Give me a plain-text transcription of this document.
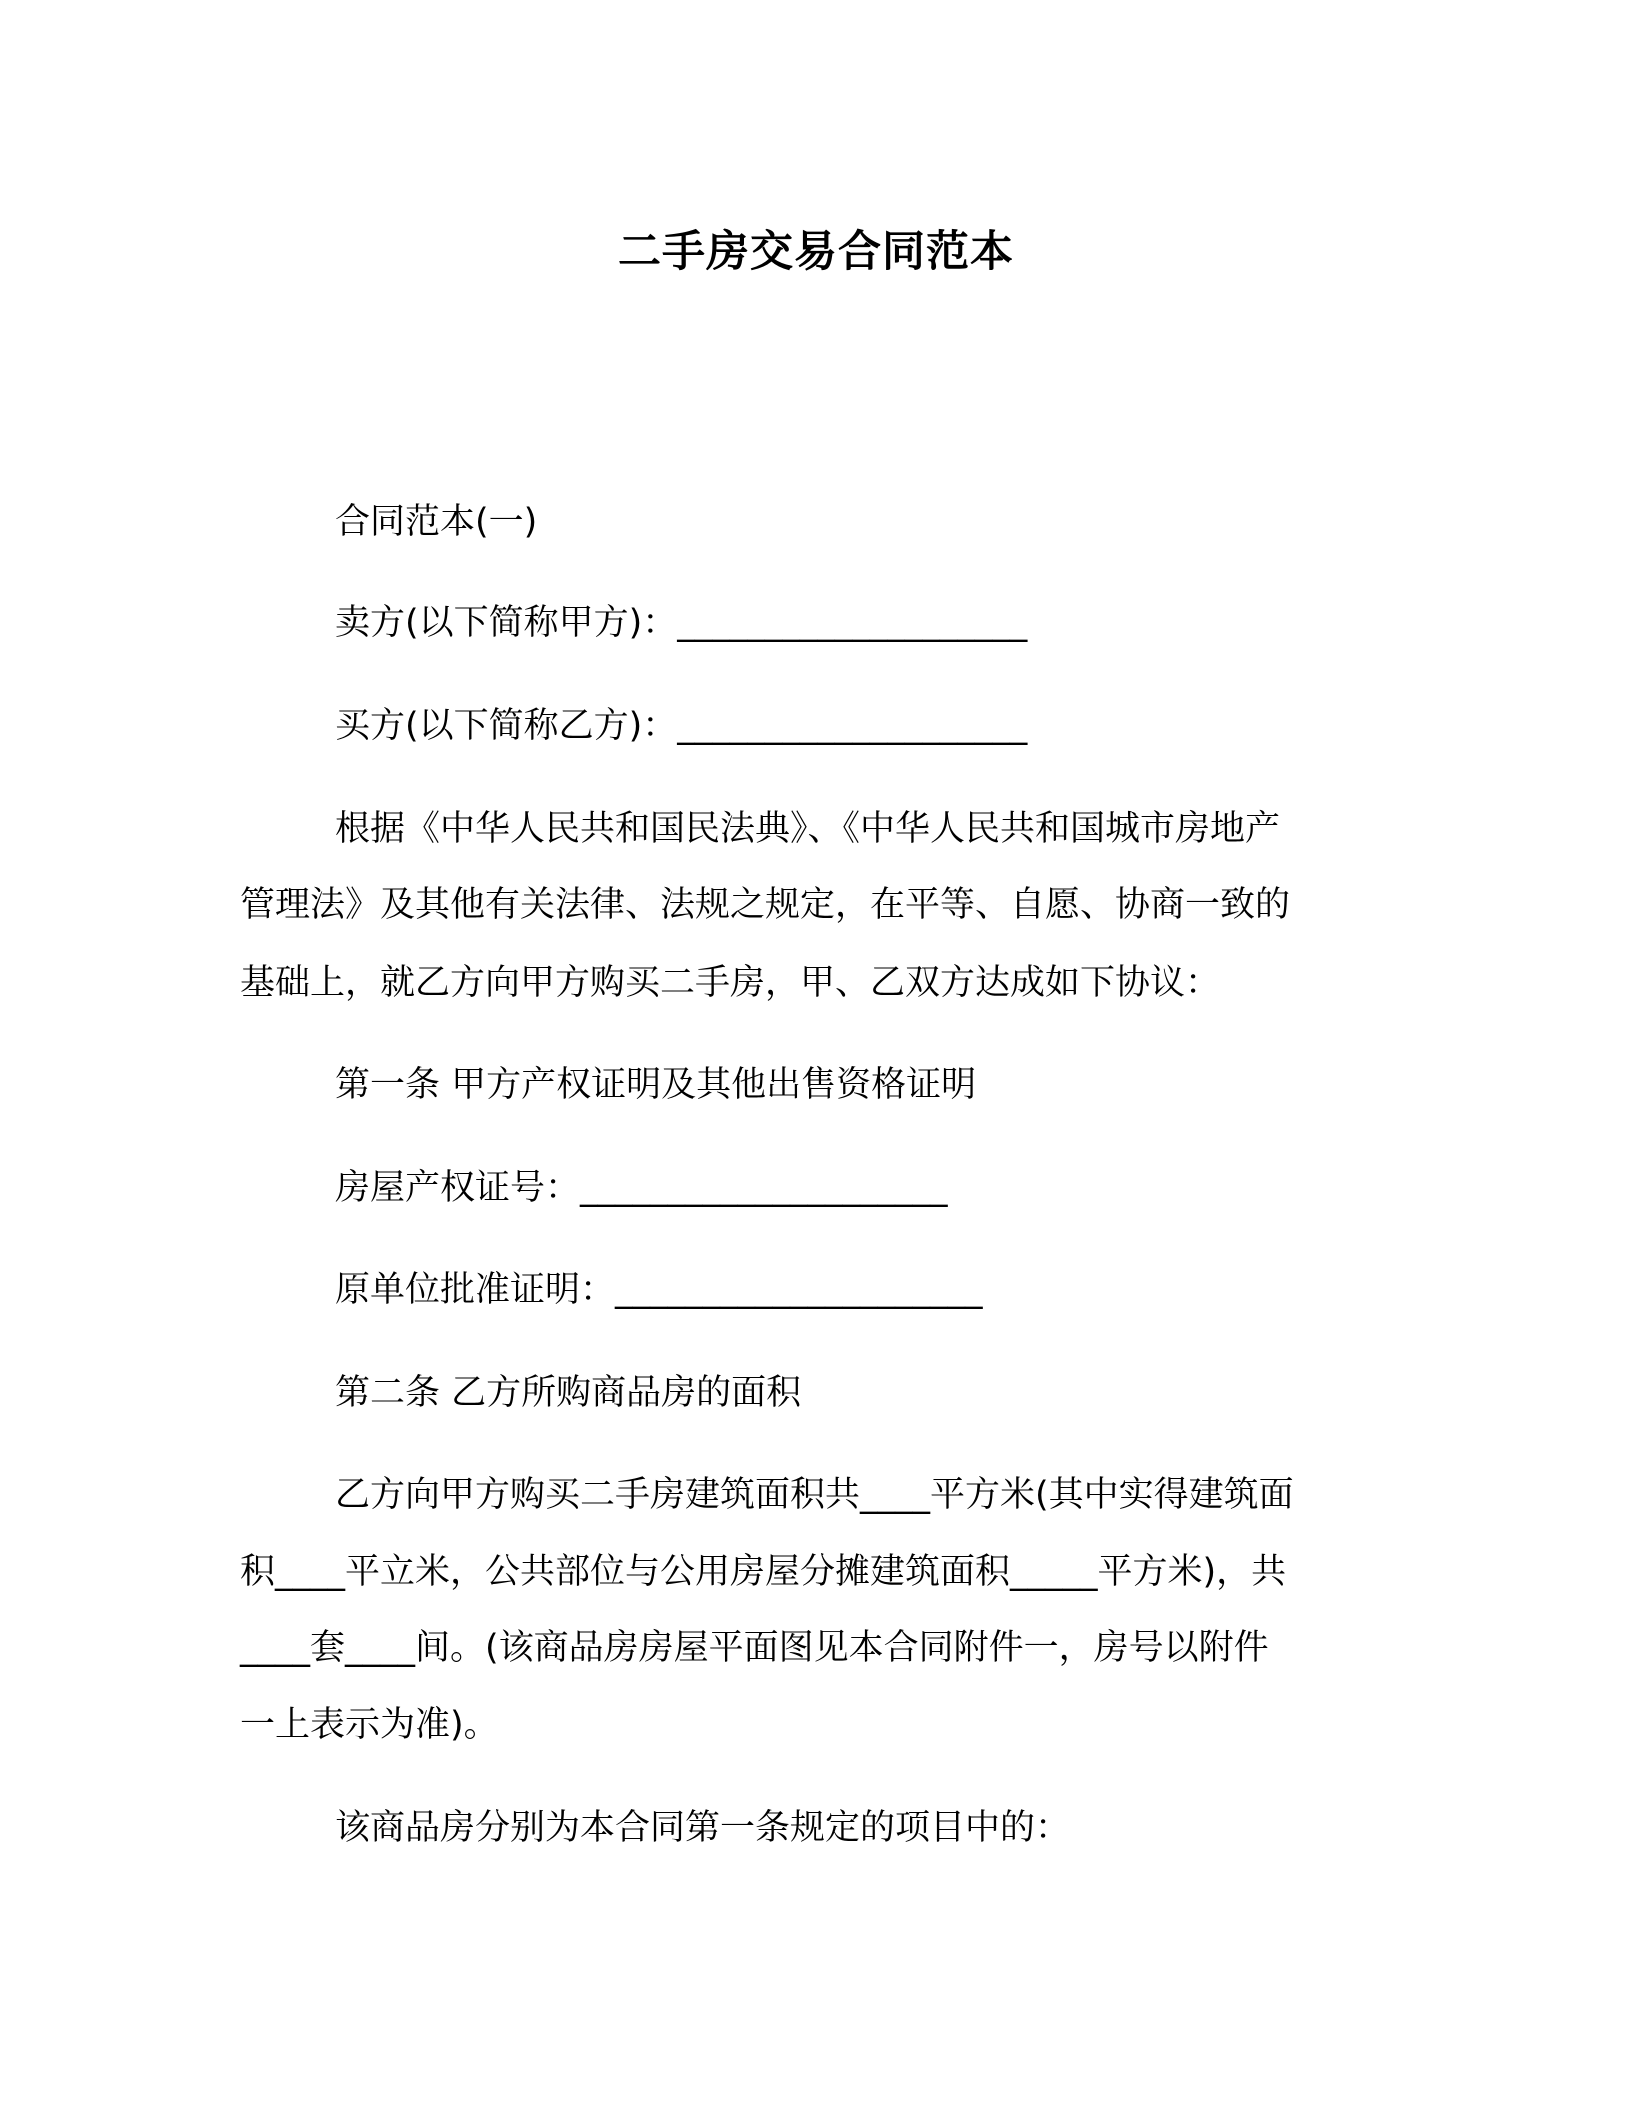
二手房交易合同范本
合同范本(一)
卖方(以下简称甲方)：____________________
买方(以下简称乙方)：____________________
根据《中华人民共和国民法典》、《中华人民共和国城市房地产
管理法》及其他有关法律、法规之规定，在平等、自愿、协商一致的
基础上，就乙方向甲方购买二手房，甲、乙双方达成如下协议：
第一条 甲方产权证明及其他出售资格证明
房屋产权证号：_____________________
原单位批准证明：_____________________
第二条 乙方所购商品房的面积
乙方向甲方购买二手房建筑面积共____平方米(其中实得建筑面
积____平立米，公共部位与公用房屋分摊建筑面积_____平方米)，共
____套____间。(该商品房房屋平面图见本合同附件一，房号以附件
一上表示为准)。
该商品房分别为本合同第一条规定的项目中的：
